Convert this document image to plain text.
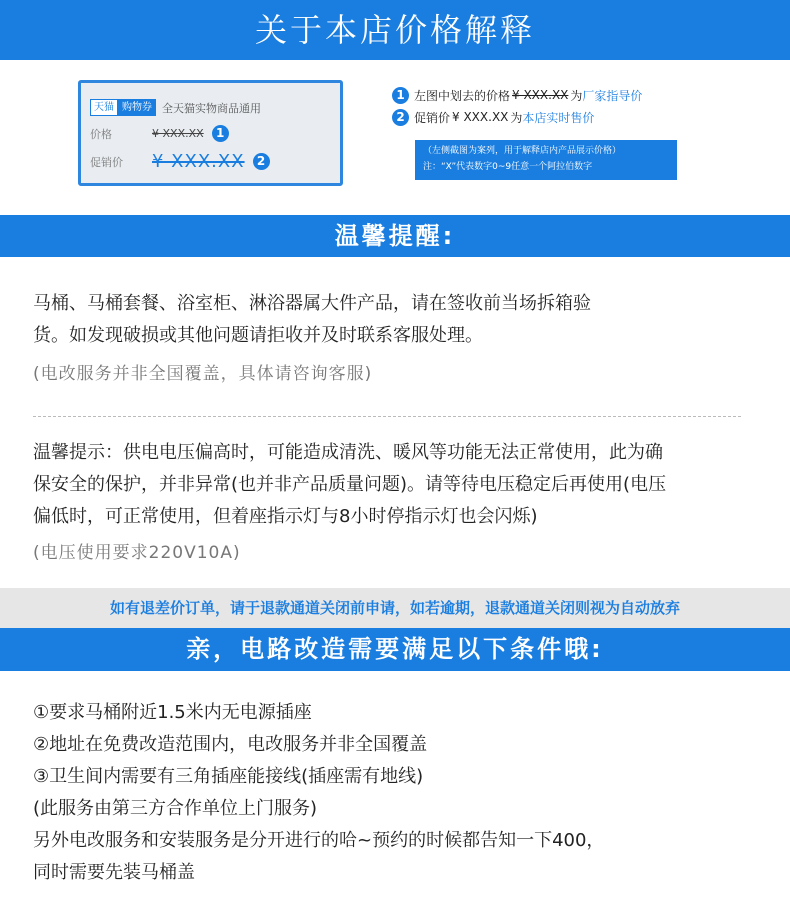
关于本店价格解释
天猫 购物券 全天猫实物商品通用
价格	¥ XXX.XX	1
促销价	¥ XXX.XX	2
1 左图中划去的价格 ¥ XXX.XX 为 厂家指导价
2 促销价 ¥ XXX.XX 为 本店实时售价
（左侧截图为案列，用于解释店内产品展示价格）
注：“X”代表数字0~9任意一个阿拉伯数字
温馨提醒:
马桶、马桶套餐、浴室柜、淋浴器属大件产品，请在签收前当场拆箱验
货。如发现破损或其他问题请拒收并及时联系客服处理。
(电改服务并非全国覆盖，具体请咨询客服)
温馨提示：供电电压偏高时，可能造成清洗、暖风等功能无法正常使用，此为确
保安全的保护，并非异常(也并非产品质量问题)。请等待电压稳定后再使用(电压
偏低时，可正常使用，但着座指示灯与8小时停指示灯也会闪烁)
(电压使用要求220V10A)
如有退差价订单，请于退款通道关闭前申请，如若逾期，退款通道关闭则视为自动放弃
亲，电路改造需要满足以下条件哦:
①要求马桶附近1.5米内无电源插座
②地址在免费改造范围内，电改服务并非全国覆盖
③卫生间内需要有三角插座能接线(插座需有地线)
(此服务由第三方合作单位上门服务)
另外电改服务和安装服务是分开进行的哈~预约的时候都告知一下400，
同时需要先装马桶盖
